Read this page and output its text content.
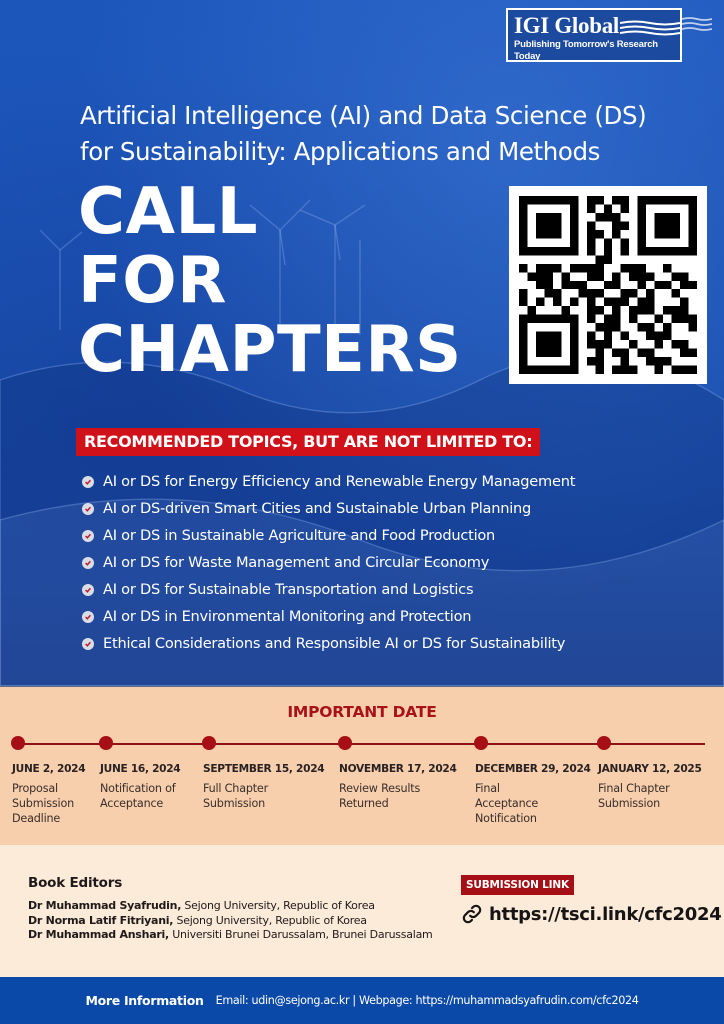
IGI Global
Publishing Tomorrow's Research Today
Artificial Intelligence (AI) and Data Science (DS)
for Sustainability: Applications and Methods
CALL
FOR
CHAPTERS
RECOMMENDED TOPICS, BUT ARE NOT LIMITED TO:
AI or DS for Energy Efficiency and Renewable Energy Management
AI or DS-driven Smart Cities and Sustainable Urban Planning
AI or DS in Sustainable Agriculture and Food Production
AI or DS for Waste Management and Circular Economy
AI or DS for Sustainable Transportation and Logistics
AI or DS in Environmental Monitoring and Protection
Ethical Considerations and Responsible AI or DS for Sustainability
IMPORTANT DATE
JUNE 2, 2024
Proposal Submission Deadline
JUNE 16, 2024
Notification of Acceptance
SEPTEMBER 15, 2024
Full Chapter Submission
NOVEMBER 17, 2024
Review Results Returned
DECEMBER 29, 2024
Final Acceptance Notification
JANUARY 12, 2025
Final Chapter Submission
Book Editors
Dr Muhammad Syafrudin, Sejong University, Republic of Korea
Dr Norma Latif Fitriyani, Sejong University, Republic of Korea
Dr Muhammad Anshari, Universiti Brunei Darussalam, Brunei Darussalam
SUBMISSION LINK
https://tsci.link/cfc2024
More Information Email: udin@sejong.ac.kr | Webpage: https://muhammadsyafrudin.com/cfc2024
